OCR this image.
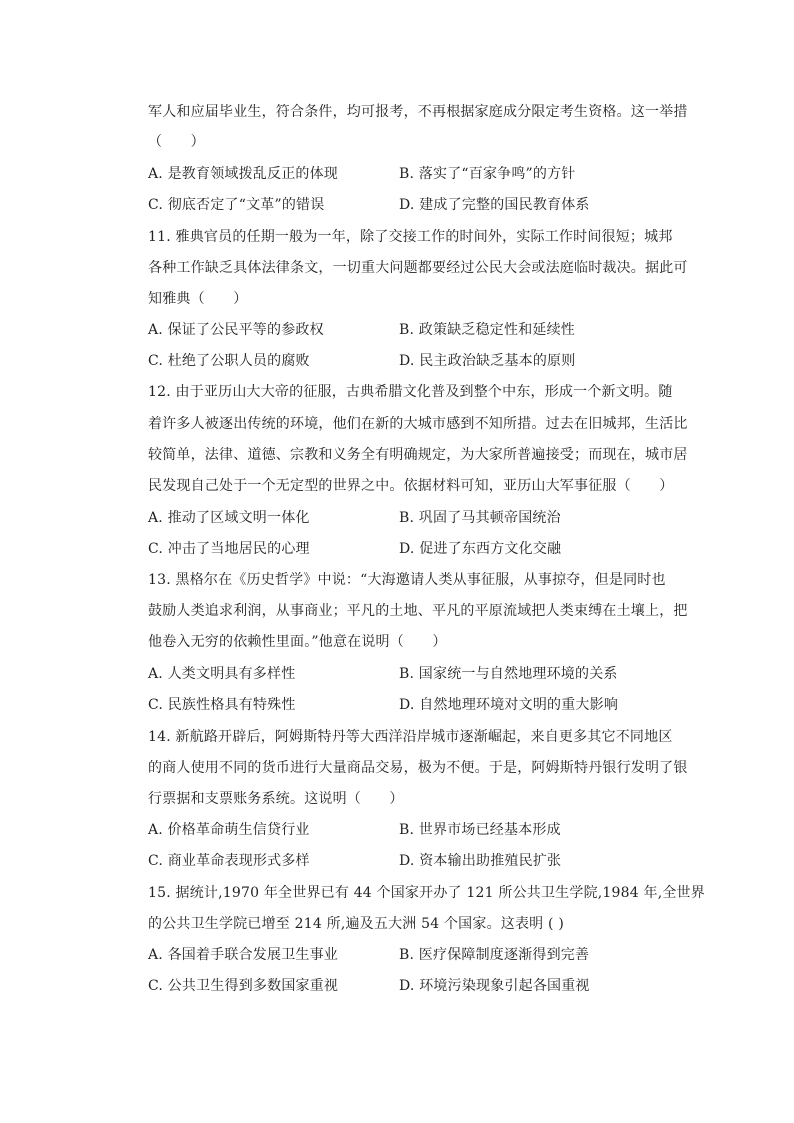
军人和应届毕业生，符合条件，均可报考，不再根据家庭成分限定考生资格。这一举措
（　　）
A. 是教育领域拨乱反正的体现	B. 落实了“百家争鸣”的方针
C. 彻底否定了“文革”的错误	D. 建成了完整的国民教育体系
11. 雅典官员的任期一般为一年，除了交接工作的时间外，实际工作时间很短；城邦
各种工作缺乏具体法律条文，一切重大问题都要经过公民大会或法庭临时裁决。据此可
知雅典（　　）
A. 保证了公民平等的参政权	B. 政策缺乏稳定性和延续性
C. 杜绝了公职人员的腐败	D. 民主政治缺乏基本的原则
12. 由于亚历山大大帝的征服，古典希腊文化普及到整个中东，形成一个新文明。随
着许多人被逐出传统的环境，他们在新的大城市感到不知所措。过去在旧城邦，生活比
较简单，法律、道德、宗教和义务全有明确规定，为大家所普遍接受；而现在，城市居
民发现自己处于一个无定型的世界之中。依据材料可知，亚历山大军事征服（　　）
A. 推动了区域文明一体化	B. 巩固了马其顿帝国统治
C. 冲击了当地居民的心理	D. 促进了东西方文化交融
13. 黑格尔在《历史哲学》中说：“大海邀请人类从事征服，从事掠夺，但是同时也
鼓励人类追求利润，从事商业；平凡的土地、平凡的平原流域把人类束缚在土壤上，把
他卷入无穷的依赖性里面。”他意在说明（　　）
A. 人类文明具有多样性	B. 国家统一与自然地理环境的关系
C. 民族性格具有特殊性	D. 自然地理环境对文明的重大影响
14. 新航路开辟后，阿姆斯特丹等大西洋沿岸城市逐渐崛起，来自更多其它不同地区
的商人使用不同的货币进行大量商品交易，极为不便。于是，阿姆斯特丹银行发明了银
行票据和支票账务系统。这说明（　　）
A. 价格革命萌生信贷行业	B. 世界市场已经基本形成
C. 商业革命表现形式多样	D. 资本输出助推殖民扩张
15. 据统计,1970 年全世界已有 44 个国家开办了 121 所公共卫生学院,1984 年,全世界
的公共卫生学院已增至 214 所,遍及五大洲 54 个国家。这表明 ( )
A. 各国着手联合发展卫生事业	B. 医疗保障制度逐渐得到完善
C. 公共卫生得到多数国家重视	D. 环境污染现象引起各国重视
